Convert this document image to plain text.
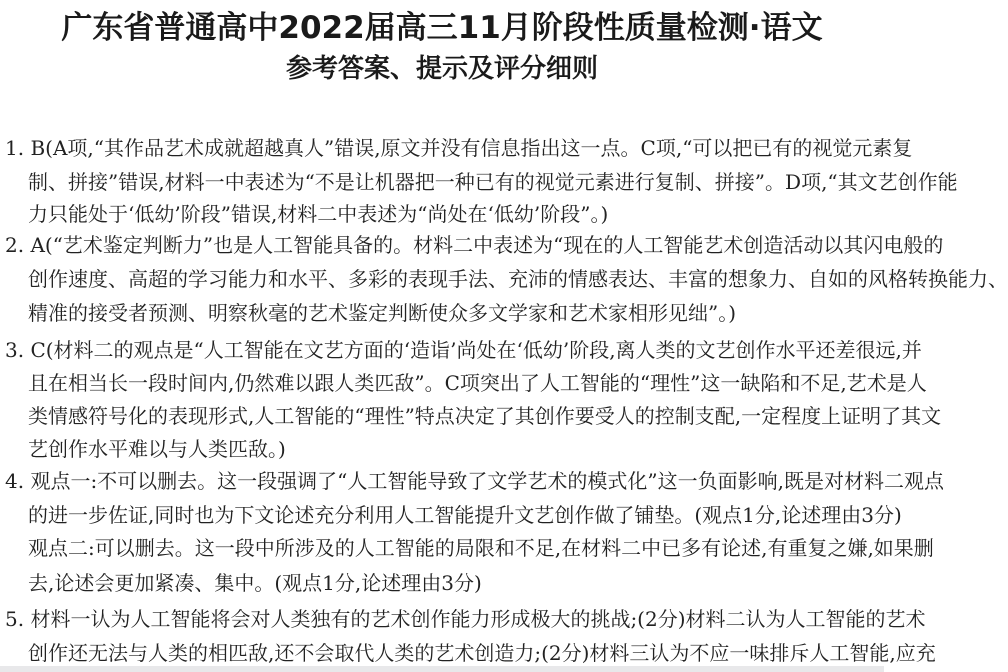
广东省普通高中2022届高三11月阶段性质量检测·语文
参考答案、提示及评分细则
1. B(A项,“其作品艺术成就超越真人”错误,原文并没有信息指出这一点。C项,“可以把已有的视觉元素复
制、拼接”错误,材料一中表述为“不是让机器把一种已有的视觉元素进行复制、拼接”。D项,“其文艺创作能
力只能处于‘低幼’阶段”错误,材料二中表述为“尚处在‘低幼’阶段”。)
2. A(“艺术鉴定判断力”也是人工智能具备的。材料二中表述为“现在的人工智能艺术创造活动以其闪电般的
创作速度、高超的学习能力和水平、多彩的表现手法、充沛的情感表达、丰富的想象力、自如的风格转换能力、
精准的接受者预测、明察秋毫的艺术鉴定判断使众多文学家和艺术家相形见绌”。)
3. C(材料二的观点是“人工智能在文艺方面的‘造诣’尚处在‘低幼’阶段,离人类的文艺创作水平还差很远,并
且在相当长一段时间内,仍然难以跟人类匹敌”。C项突出了人工智能的“理性”这一缺陷和不足,艺术是人
类情感符号化的表现形式,人工智能的“理性”特点决定了其创作要受人的控制支配,一定程度上证明了其文
艺创作水平难以与人类匹敌。)
4. 观点一:不可以删去。这一段强调了“人工智能导致了文学艺术的模式化”这一负面影响,既是对材料二观点
的进一步佐证,同时也为下文论述充分利用人工智能提升文艺创作做了铺垫。(观点1分,论述理由3分)
观点二:可以删去。这一段中所涉及的人工智能的局限和不足,在材料二中已多有论述,有重复之嫌,如果删
去,论述会更加紧凑、集中。(观点1分,论述理由3分)
5. 材料一认为人工智能将会对人类独有的艺术创作能力形成极大的挑战;(2分)材料二认为人工智能的艺术
创作还无法与人类的相匹敌,还不会取代人类的艺术创造力;(2分)材料三认为不应一味排斥人工智能,应充
